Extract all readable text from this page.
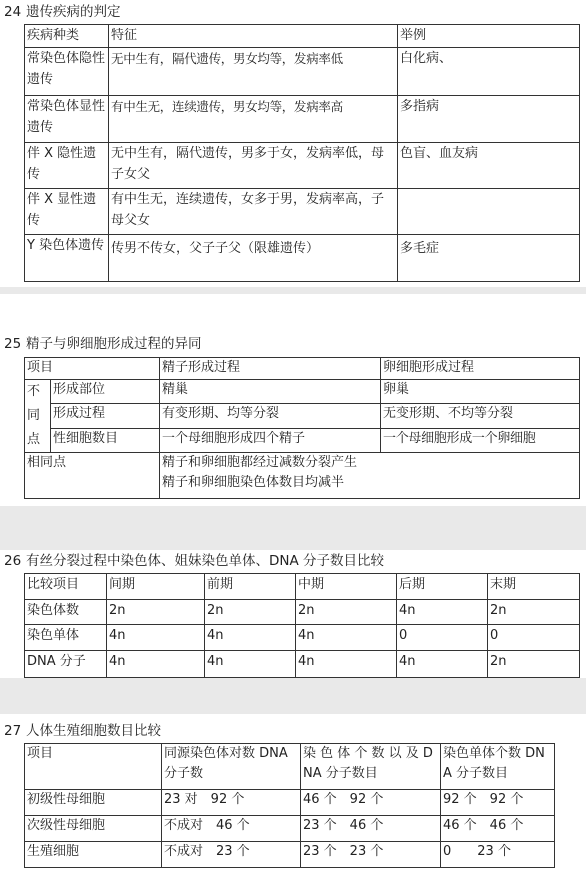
24 遗传疾病的判定
疾病种类	特征	举例
常染色体隐性遗传	无中生有，隔代遗传，男女均等，发病率低	白化病、
常染色体显性遗传	有中生无，连续遗传，男女均等，发病率高	多指病
伴 X 隐性遗传	无中生有，隔代遗传，男多于女，发病率低，母子女父	色盲、血友病
伴 X 显性遗传	有中生无，连续遗传，女多于男，发病率高，子母父女	
Y 染色体遗传	传男不传女，父子子父（限雄遗传）	多毛症
25 精子与卵细胞形成过程的异同
项目		精子形成过程	卵细胞形成过程
不同点	形成部位	精巢	卵巢
	形成过程	有变形期、均等分裂	无变形期、不均等分裂
	性细胞数目	一个母细胞形成四个精子	一个母细胞形成一个卵细胞
相同点		精子和卵细胞都经过减数分裂产生
精子和卵细胞染色体数目均减半	
26 有丝分裂过程中染色体、姐妹染色单体、DNA 分子数目比较
比较项目	间期	前期	中期	后期	末期
染色体数	2n	2n	2n	4n	2n
染色单体	4n	4n	4n	0	0
DNA 分子	4n	4n	4n	4n	2n
27 人体生殖细胞数目比较
项目	同源染色体对数 DNA 分子数	染 色 体 个 数 以 及 DNA 分子数目	染色单体个数 DNA 分子数目
初级性母细胞	23 对　92 个	46 个　92 个	92 个　92 个
次级性母细胞	不成对　46 个	23 个　46 个	46 个　46 个
生殖细胞	不成对　23 个	23 个　23 个	0　　23 个
